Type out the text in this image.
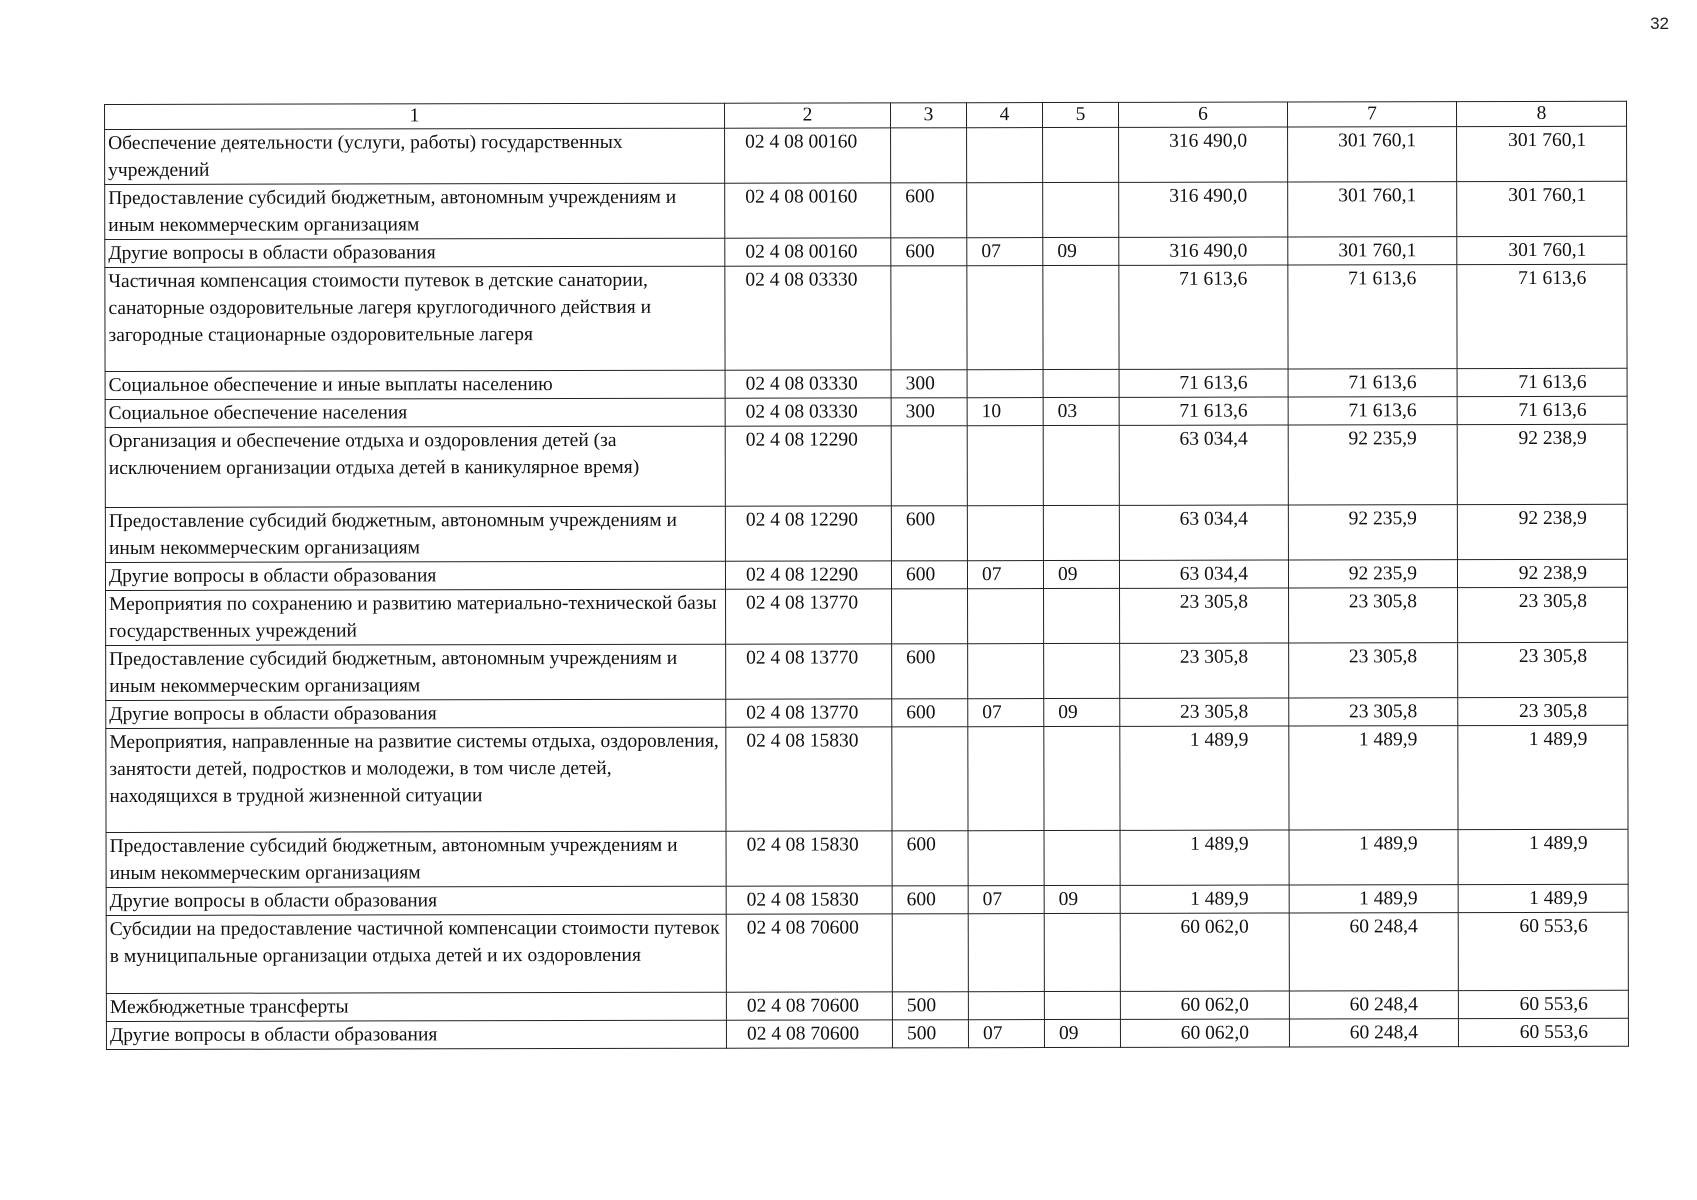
32
1	2	3	4	5	6	7	8
Обеспечение деятельности (услуги, работы) государственных учреждений	02 4 08 00160				316 490,0	301 760,1	301 760,1
Предоставление субсидий бюджетным, автономным учреждениям и иным некоммерческим организациям	02 4 08 00160	600			316 490,0	301 760,1	301 760,1
Другие вопросы в области образования	02 4 08 00160	600	07	09	316 490,0	301 760,1	301 760,1
Частичная компенсация стоимости путевок в детские санатории, санаторные оздоровительные лагеря круглогодичного действия и загородные стационарные оздоровительные лагеря	02 4 08 03330				71 613,6	71 613,6	71 613,6
Социальное обеспечение и иные выплаты населению	02 4 08 03330	300			71 613,6	71 613,6	71 613,6
Социальное обеспечение населения	02 4 08 03330	300	10	03	71 613,6	71 613,6	71 613,6
Организация и обеспечение отдыха и оздоровления детей (за исключением организации отдыха детей в каникулярное время)	02 4 08 12290				63 034,4	92 235,9	92 238,9
Предоставление субсидий бюджетным, автономным учреждениям и иным некоммерческим организациям	02 4 08 12290	600			63 034,4	92 235,9	92 238,9
Другие вопросы в области образования	02 4 08 12290	600	07	09	63 034,4	92 235,9	92 238,9
Мероприятия по сохранению и развитию материально-технической базы государственных учреждений	02 4 08 13770				23 305,8	23 305,8	23 305,8
Предоставление субсидий бюджетным, автономным учреждениям и иным некоммерческим организациям	02 4 08 13770	600			23 305,8	23 305,8	23 305,8
Другие вопросы в области образования	02 4 08 13770	600	07	09	23 305,8	23 305,8	23 305,8
Мероприятия, направленные на развитие системы отдыха, оздоровления, занятости детей, подростков и молодежи, в том числе детей, находящихся в трудной жизненной ситуации	02 4 08 15830				1 489,9	1 489,9	1 489,9
Предоставление субсидий бюджетным, автономным учреждениям и иным некоммерческим организациям	02 4 08 15830	600			1 489,9	1 489,9	1 489,9
Другие вопросы в области образования	02 4 08 15830	600	07	09	1 489,9	1 489,9	1 489,9
Субсидии на предоставление частичной компенсации стоимости путевок в муниципальные организации отдыха детей и их оздоровления	02 4 08 70600				60 062,0	60 248,4	60 553,6
Межбюджетные трансферты	02 4 08 70600	500			60 062,0	60 248,4	60 553,6
Другие вопросы в области образования	02 4 08 70600	500	07	09	60 062,0	60 248,4	60 553,6
